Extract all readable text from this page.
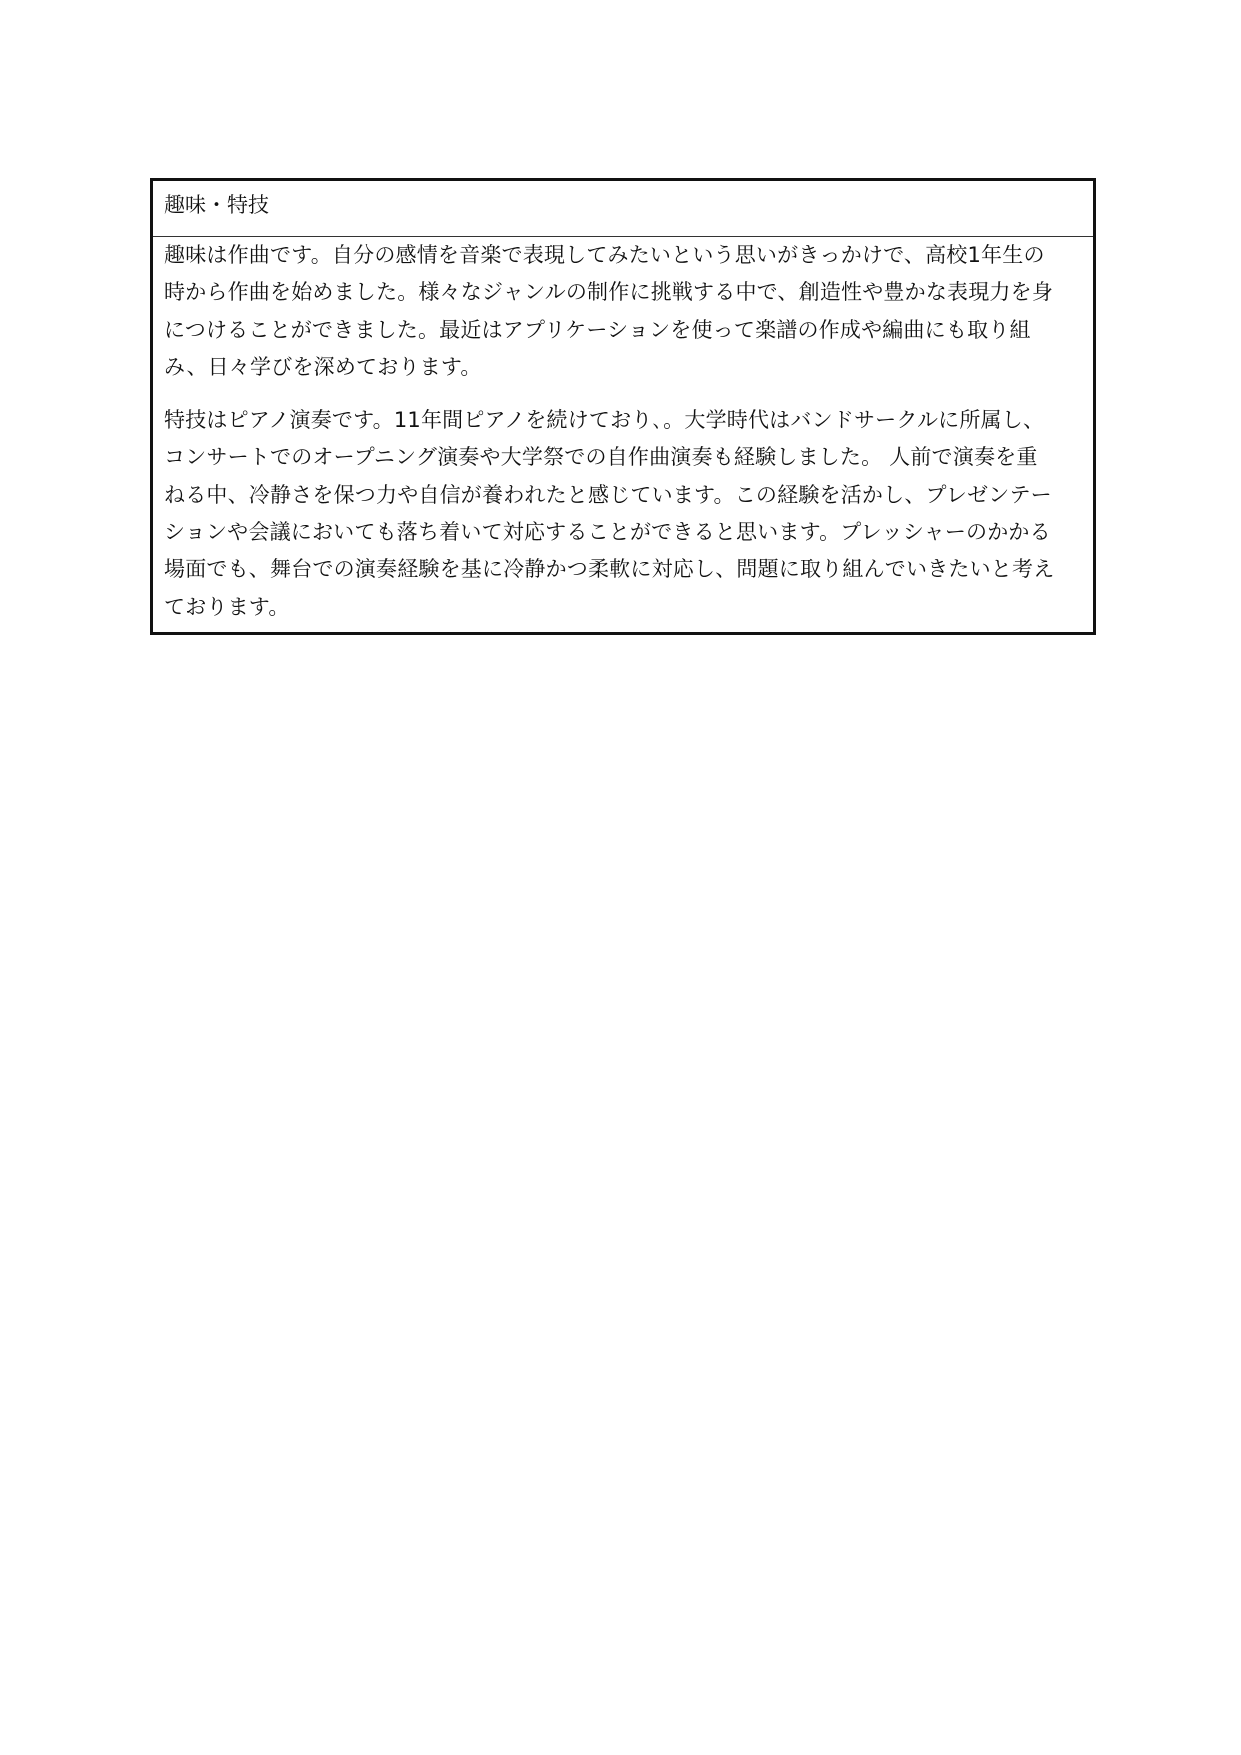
趣味・特技

趣味は作曲です。自分の感情を音楽で表現してみたいという思いがきっかけで、高校1年生の
時から作曲を始めました。様々なジャンルの制作に挑戦する中で、創造性や豊かな表現力を身
につけることができました。最近はアプリケーションを使って楽譜の作成や編曲にも取り組
み、日々学びを深めております。

特技はピアノ演奏です。11年間ピアノを続けており､。大学時代はバンドサークルに所属し、
コンサートでのオープニング演奏や大学祭での自作曲演奏も経験しました。 人前で演奏を重
ねる中、冷静さを保つ力や自信が養われたと感じています。この経験を活かし、プレゼンテー
ションや会議においても落ち着いて対応することができると思います。プレッシャーのかかる
場面でも、舞台での演奏経験を基に冷静かつ柔軟に対応し、問題に取り組んでいきたいと考え
ております。
